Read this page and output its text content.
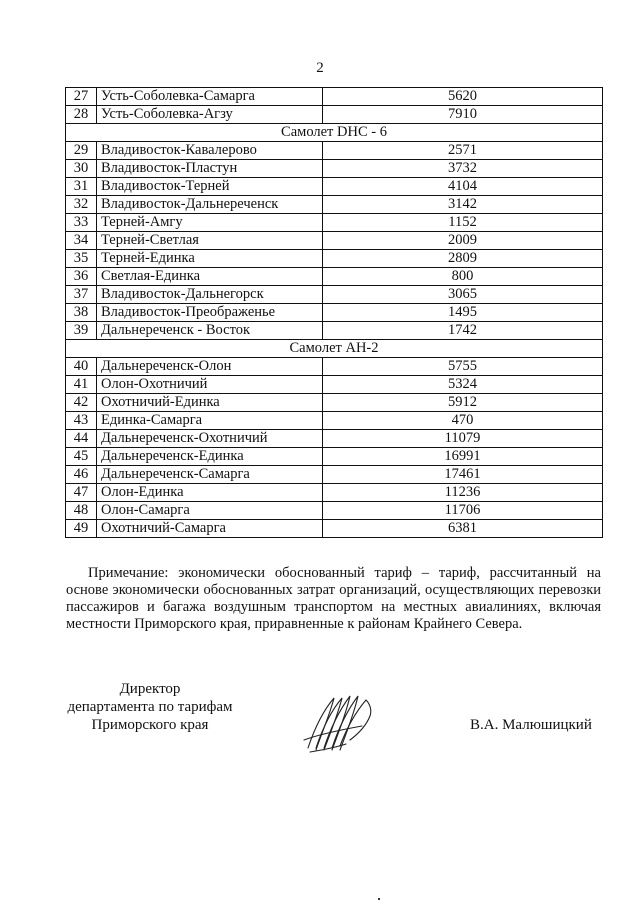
2
27	Усть-Соболевка-Самарга	5620
28	Усть-Соболевка-Агзу	7910
Самолет DHC - 6		
29	Владивосток-Кавалерово	2571
30	Владивосток-Пластун	3732
31	Владивосток-Терней	4104
32	Владивосток-Дальнереченск	3142
33	Терней-Амгу	1152
34	Терней-Светлая	2009
35	Терней-Единка	2809
36	Светлая-Единка	800
37	Владивосток-Дальнегорск	3065
38	Владивосток-Преображенье	1495
39	Дальнереченск - Восток	1742
Самолет АН-2		
40	Дальнереченск-Олон	5755
41	Олон-Охотничий	5324
42	Охотничий-Единка	5912
43	Единка-Самарга	470
44	Дальнереченск-Охотничий	11079
45	Дальнереченск-Единка	16991
46	Дальнереченск-Самарга	17461
47	Олон-Единка	11236
48	Олон-Самарга	11706
49	Охотничий-Самарга	6381
Примечание: экономически обоснованный тариф – тариф, рассчитанный на основе экономически обоснованных затрат организаций, осуществляющих перевозки пассажиров и багажа воздушным транспортом на местных авиалиниях, включая местности Приморского края, приравненные к районам Крайнего Севера.
Директор
департамента по тарифам
Приморского края	В.А. Малюшицкий
